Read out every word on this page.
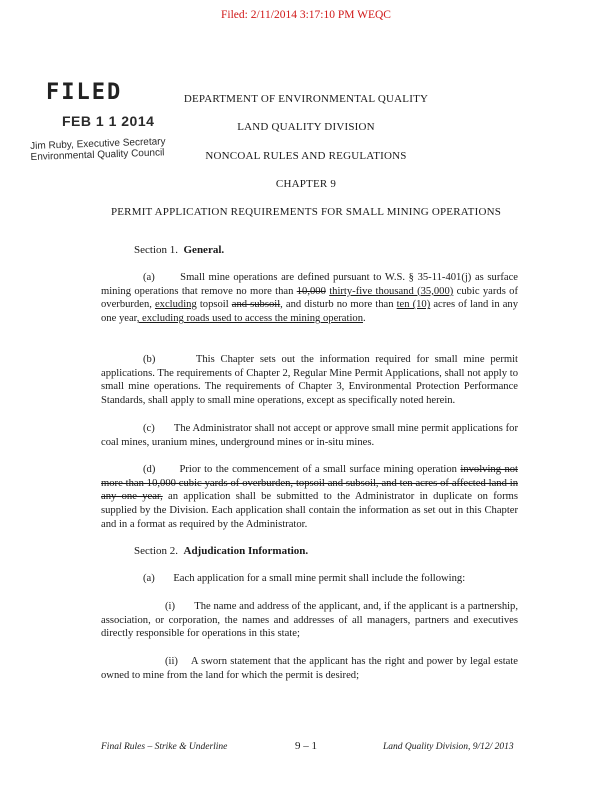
Filed: 2/11/2014 3:17:10 PM WEQC
FILED
FEB 1 1 2014
Jim Ruby, Executive Secretary
Environmental Quality Council
DEPARTMENT OF ENVIRONMENTAL QUALITY
LAND QUALITY DIVISION
NONCOAL RULES AND REGULATIONS
CHAPTER 9
PERMIT APPLICATION REQUIREMENTS FOR SMALL MINING OPERATIONS
Section 1. General.
(a) Small mine operations are defined pursuant to W.S. § 35-11-401(j) as surface mining operations that remove no more than 10,000 thirty-five thousand (35,000) cubic yards of overburden, excluding topsoil and subsoil, and disturb no more than ten (10) acres of land in any one year, excluding roads used to access the mining operation.
(b)	This Chapter sets out the information required for small mine permit applications. The requirements of Chapter 2, Regular Mine Permit Applications, shall not apply to small mine operations. The requirements of Chapter 3, Environmental Protection Performance Standards, shall apply to small mine operations, except as specifically noted herein.
(c) The Administrator shall not accept or approve small mine permit applications for coal mines, uranium mines, underground mines or in-situ mines.
(d) Prior to the commencement of a small surface mining operation involving not more than 10,000 cubic yards of overburden, topsoil and subsoil, and ten acres of affected land in any one year, an application shall be submitted to the Administrator in duplicate on forms supplied by the Division. Each application shall contain the information as set out in this Chapter and in a format as required by the Administrator.
Section 2. Adjudication Information.
(a) Each application for a small mine permit shall include the following:
(i) The name and address of the applicant, and, if the applicant is a partnership, association, or corporation, the names and addresses of all managers, partners and executives directly responsible for operations in this state;
(ii) A sworn statement that the applicant has the right and power by legal estate owned to mine from the land for which the permit is desired;
Final Rules – Strike & Underline	9 – 1	Land Quality Division, 9/12/ 2013
